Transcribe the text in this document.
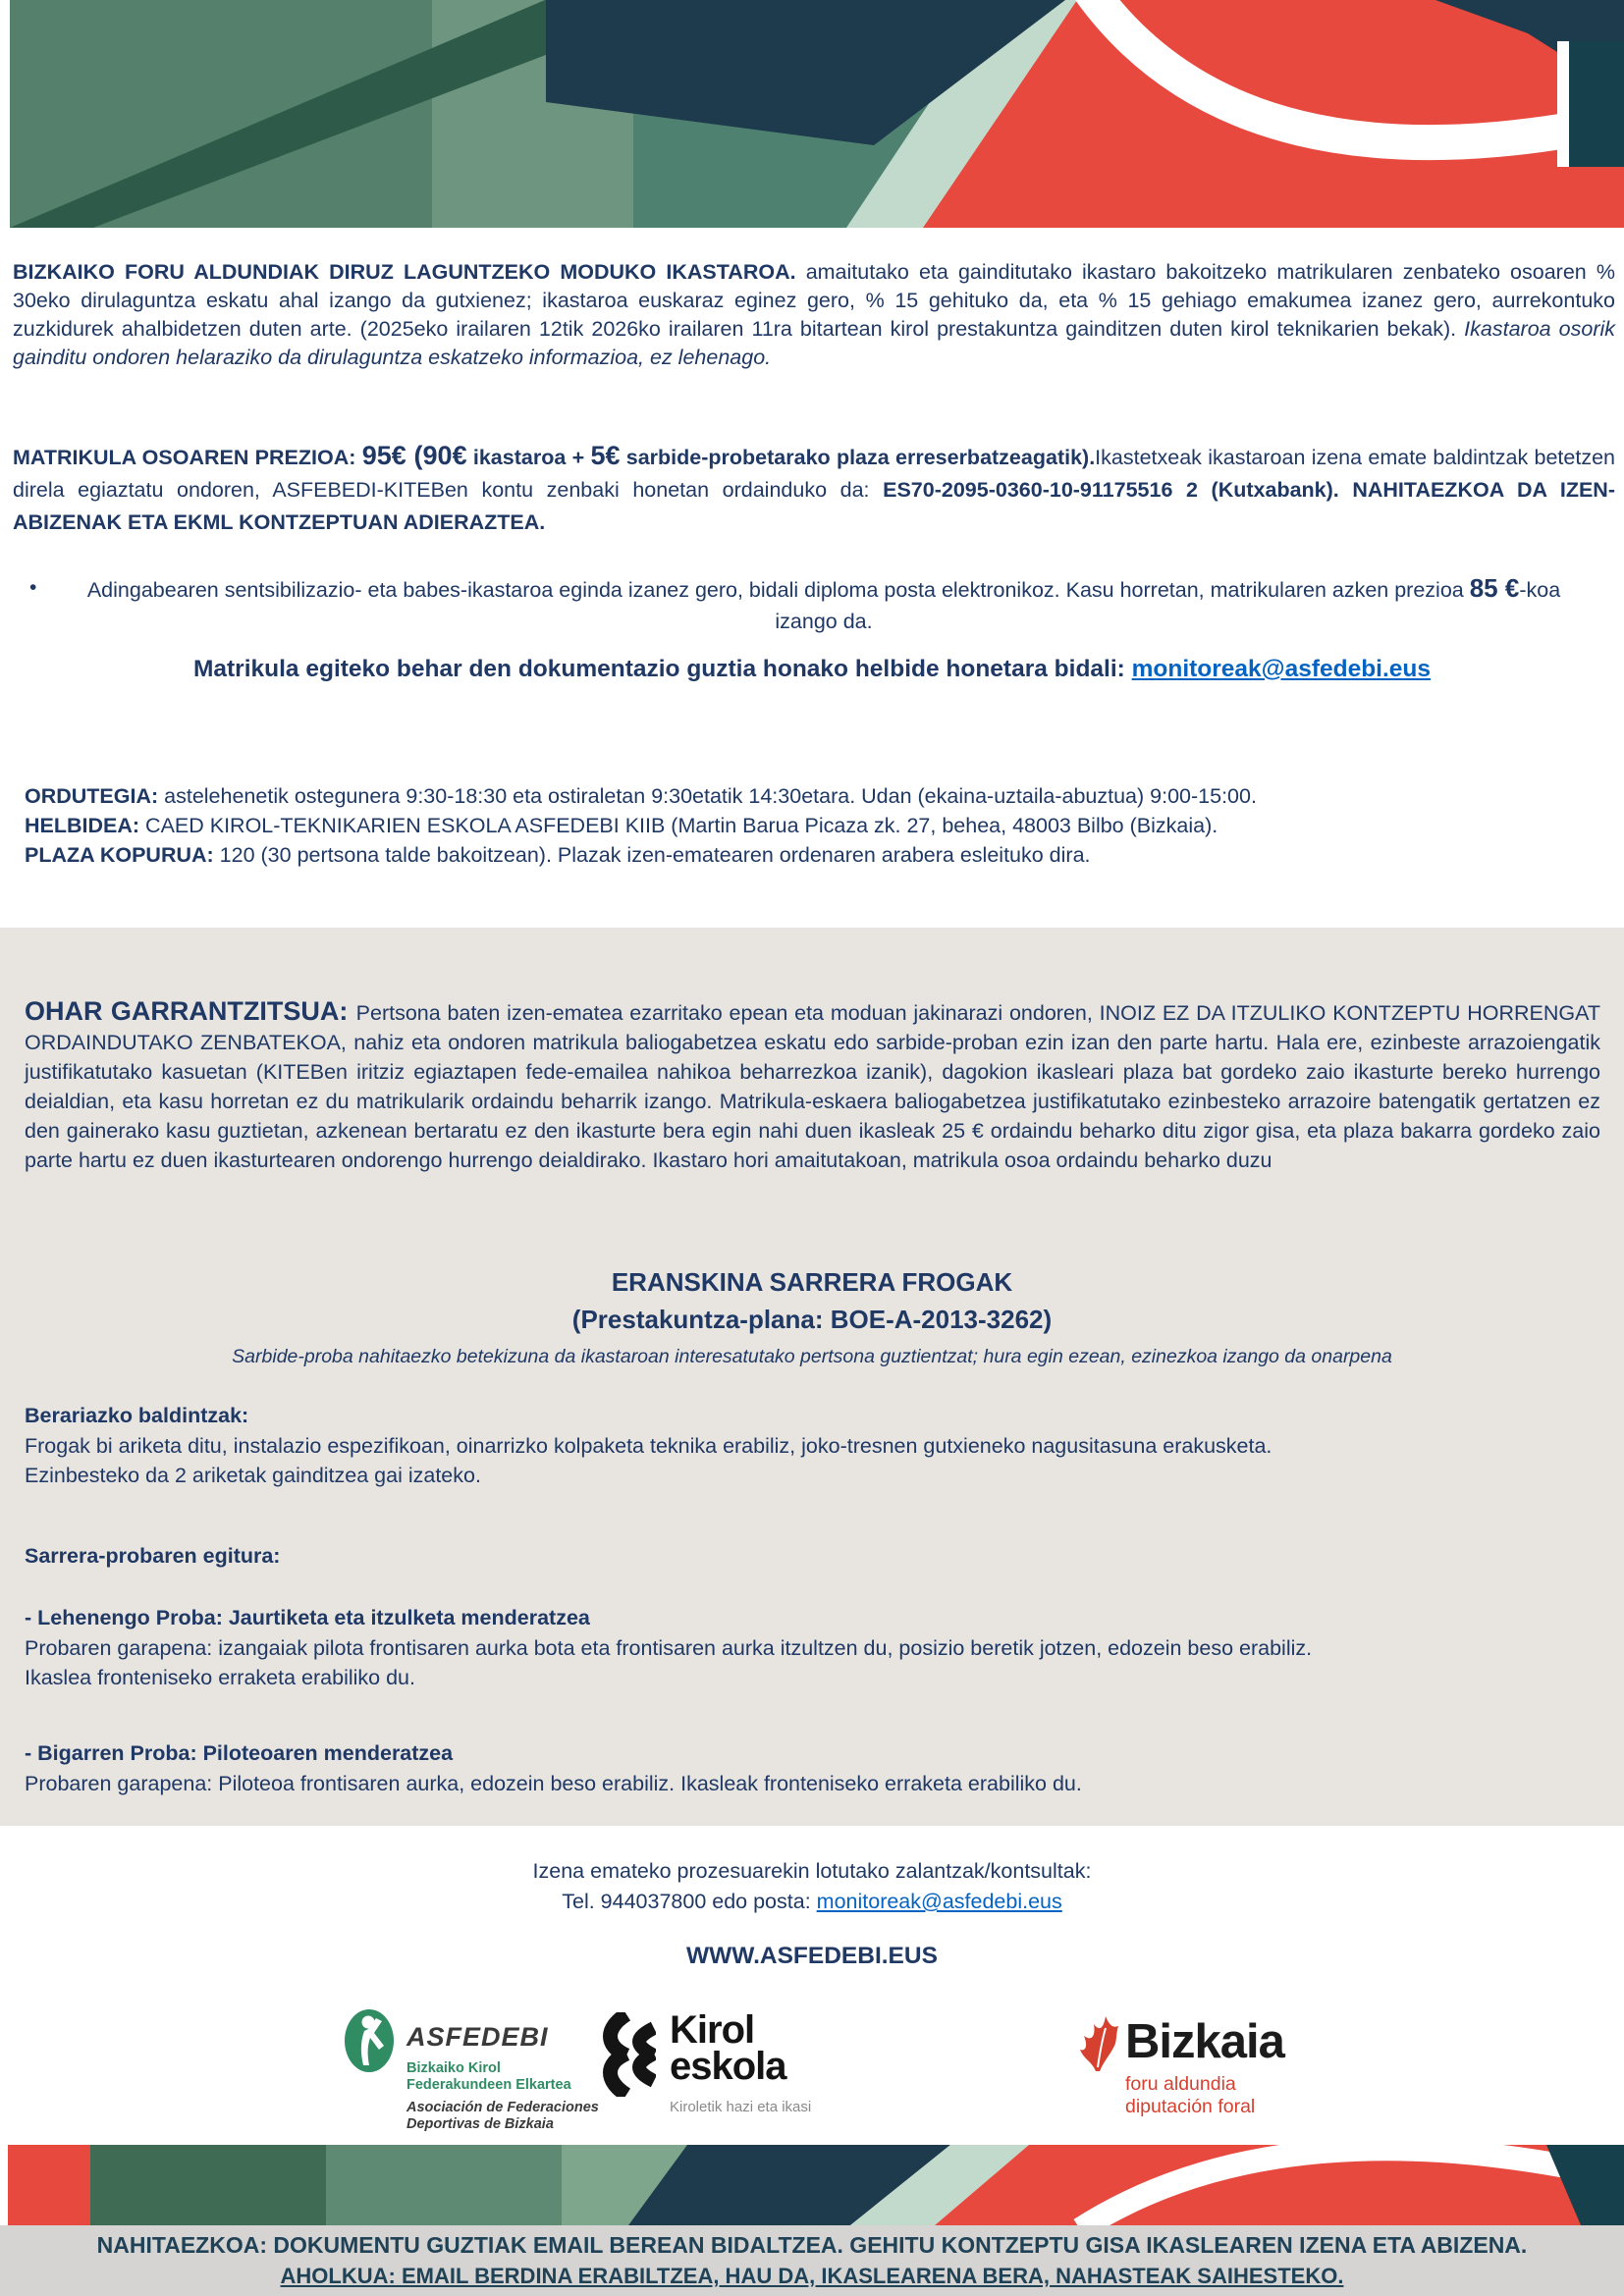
BIZKAIKO FORU ALDUNDIAK DIRUZ LAGUNTZEKO MODUKO IKASTAROA. amaitutako eta gainditutako ikastaro bakoitzeko matrikularen zenbateko osoaren % 30eko dirulaguntza eskatu ahal izango da gutxienez; ikastaroa euskaraz eginez gero, % 15 gehituko da, eta % 15 gehiago emakumea izanez gero, aurrekontuko zuzkidurek ahalbidetzen duten arte. (2025eko irailaren 12tik 2026ko irailaren 11ra bitartean kirol prestakuntza gainditzen duten kirol teknikarien bekak). Ikastaroa osorik gainditu ondoren helaraziko da dirulaguntza eskatzeko informazioa, ez lehenago.

MATRIKULA OSOAREN PREZIOA: 95€ (90€ ikastaroa + 5€ sarbide-probetarako plaza erreserbatzeagatik).Ikastetxeak ikastaroan izena emate baldintzak betetzen direla egiaztatu ondoren, ASFEBEDI-KITEBen kontu zenbaki honetan ordainduko da: ES70-2095-0360-10-91175516 2 (Kutxabank). NAHITAEZKOA DA IZEN-ABIZENAK ETA EKML KONTZEPTUAN ADIERAZTEA.

•	Adingabearen sentsibilizazio- eta babes-ikastaroa eginda izanez gero, bidali diploma posta elektronikoz. Kasu horretan, matrikularen azken prezioa 85 €-koa izango da.
Matrikula egiteko behar den dokumentazio guztia honako helbide honetara bidali: monitoreak@asfedebi.eus
ORDUTEGIA: astelehenetik ostegunera 9:30-18:30 eta ostiraletan 9:30etatik 14:30etara. Udan (ekaina-uztaila-abuztua) 9:00-15:00.
HELBIDEA: CAED KIROL-TEKNIKARIEN ESKOLA ASFEDEBI KIIB (Martin Barua Picaza zk. 27, behea, 48003 Bilbo (Bizkaia).
PLAZA KOPURUA: 120 (30 pertsona talde bakoitzean). Plazak izen-ematearen ordenaren arabera esleituko dira.

OHAR GARRANTZITSUA: Pertsona baten izen-ematea ezarritako epean eta moduan jakinarazi ondoren, INOIZ EZ DA ITZULIKO KONTZEPTU HORRENGAT ORDAINDUTAKO ZENBATEKOA, nahiz eta ondoren matrikula baliogabetzea eskatu edo sarbide-proban ezin izan den parte hartu. Hala ere, ezinbeste arrazoiengatik justifikatutako kasuetan (KITEBen iritziz egiaztapen fede-emailea nahikoa beharrezkoa izanik), dagokion ikasleari plaza bat gordeko zaio ikasturte bereko hurrengo deialdian, eta kasu horretan ez du matrikularik ordaindu beharrik izango. Matrikula-eskaera baliogabetzea justifikatutako ezinbesteko arrazoire batengatik gertatzen ez den gainerako kasu guztietan, azkenean bertaratu ez den ikasturte bera egin nahi duen ikasleak 25 € ordaindu beharko ditu zigor gisa, eta plaza bakarra gordeko zaio parte hartu ez duen ikasturtearen ondorengo hurrengo deialdirako. Ikastaro hori amaitutakoan, matrikula osoa ordaindu beharko duzu

ERANSKINA SARRERA FROGAK
(Prestakuntza-plana: BOE-A-2013-3262)
Sarbide-proba nahitaezko betekizuna da ikastaroan interesatutako pertsona guztientzat; hura egin ezean, ezinezkoa izango da onarpena
Berariazko baldintzak:
Frogak bi ariketa ditu, instalazio espezifikoan, oinarrizko kolpaketa teknika erabiliz, joko-tresnen gutxieneko nagusitasuna erakusketa.
Ezinbesteko da 2 ariketak gainditzea gai izateko.
Sarrera-probaren egitura:
- Lehenengo Proba: Jaurtiketa eta itzulketa menderatzea
Probaren garapena: izangaiak pilota frontisaren aurka bota eta frontisaren aurka itzultzen du, posizio beretik jotzen, edozein beso erabiliz.
Ikaslea fronteniseko erraketa erabiliko du.
- Bigarren Proba: Piloteoaren menderatzea
Probaren garapena: Piloteoa frontisaren aurka, edozein beso erabiliz. Ikasleak fronteniseko erraketa erabiliko du.
Izena emateko prozesuarekin lotutako zalantzak/kontsultak:
Tel. 944037800 edo posta: monitoreak@asfedebi.eus
WWW.ASFEDEBI.EUS
ASFEDEBI
Bizkaiko Kirol
Federakundeen Elkartea
Asociación de Federaciones
Deportivas de Bizkaia
Kirol
eskola
Kiroletik hazi eta ikasi
Bizkaia
foru aldundia
diputación foral
NAHITAEZKOA: DOKUMENTU GUZTIAK EMAIL BEREAN BIDALTZEA. GEHITU KONTZEPTU GISA IKASLEAREN IZENA ETA ABIZENA.
AHOLKUA: EMAIL BERDINA ERABILTZEA, HAU DA, IKASLEARENA BERA, NAHASTEAK SAIHESTEKO.
